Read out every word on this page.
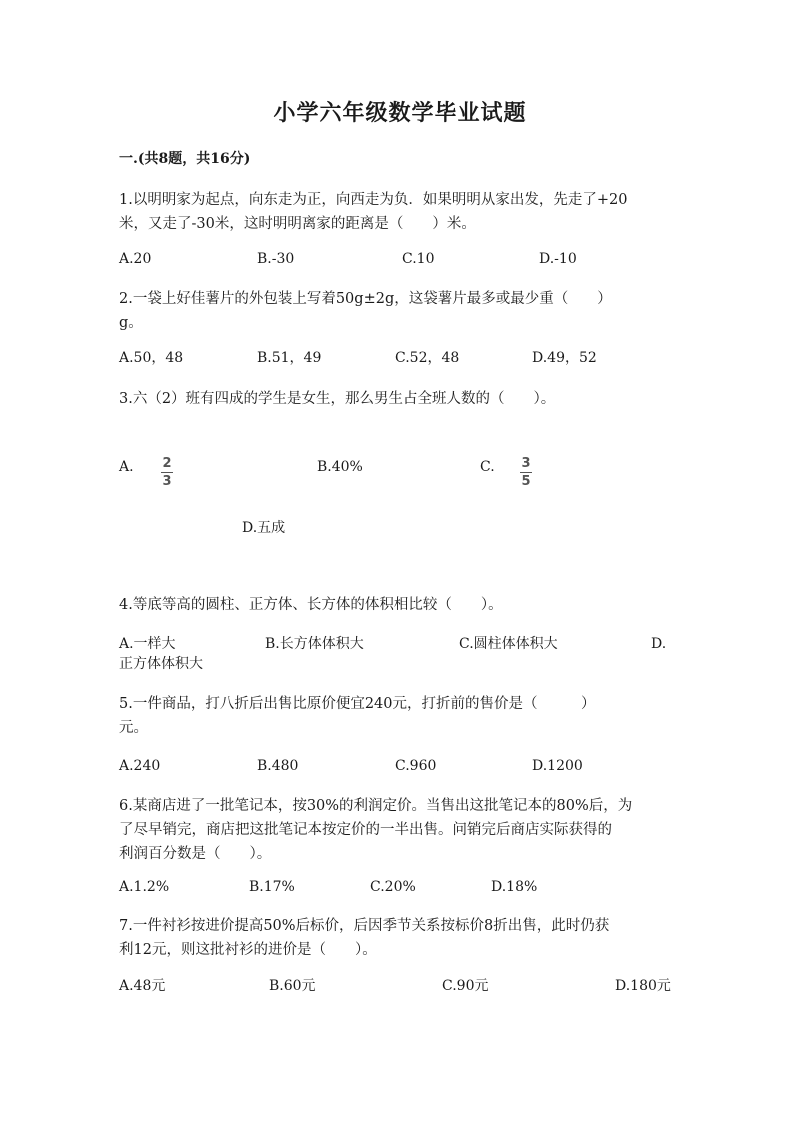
小学六年级数学毕业试题
一.(共8题，共16分)
1.以明明家为起点，向东走为正，向西走为负．如果明明从家出发，先走了+20
米，又走了-30米，这时明明离家的距离是（　　）米。
A.20	B.-30	C.10	D.-10
2.一袋上好佳薯片的外包装上写着50g±2g，这袋薯片最多或最少重（　　）
g。
A.50，48	B.51，49	C.52，48	D.49，52
3.六（2）班有四成的学生是女生，那么男生占全班人数的（　　）。
A. $\frac{2}{3}$	B.40%	C. $\frac{3}{5}$
D.五成
4.等底等高的圆柱、正方体、长方体的体积相比较（　　）。
A.一样大	B.长方体体积大	C.圆柱体体积大	D.
正方体体积大
5.一件商品，打八折后出售比原价便宜240元，打折前的售价是（　　　）
元。
A.240	B.480	C.960	D.1200
6.某商店进了一批笔记本，按30%的利润定价。当售出这批笔记本的80%后，为
了尽早销完，商店把这批笔记本按定价的一半出售。问销完后商店实际获得的
利润百分数是（　　）。
A.1.2%	B.17%	C.20%	D.18%
7.一件衬衫按进价提高50%后标价，后因季节关系按标价8折出售，此时仍获
利12元，则这批衬衫的进价是（　　）。
A.48元	B.60元	C.90元	D.180元
